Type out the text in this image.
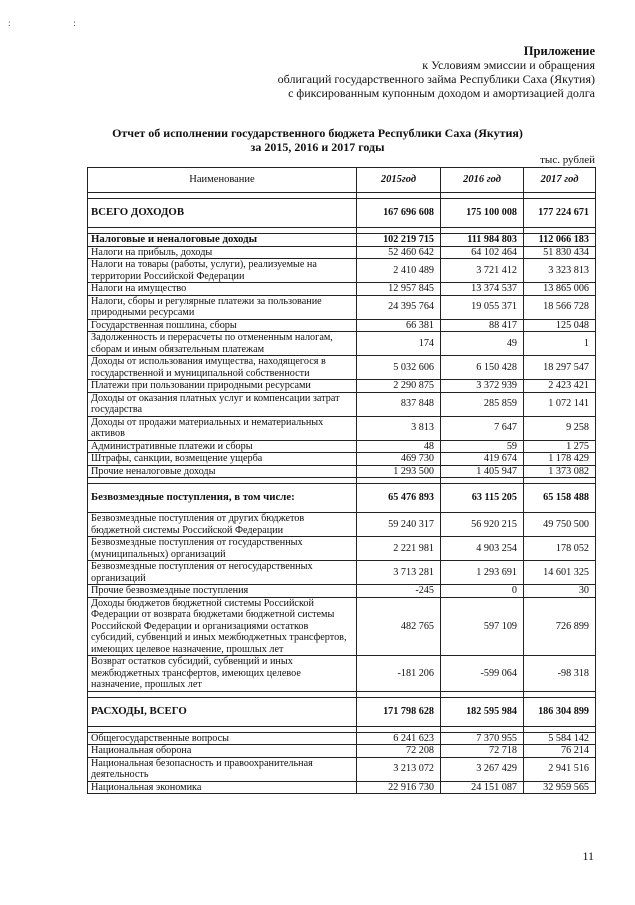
:   :
Приложение
к Условиям эмиссии и обращения
облигаций государственного займа Республики Саха (Якутия)
с фиксированным купонным доходом и амортизацией долга
Отчет об исполнении государственного бюджета Республики Саха (Якутия)
за 2015, 2016 и 2017 годы
тыс. рублей
Наименование	2015год	2016 год	2017 год

ВСЕГО ДОХОДОВ	167 696 608	175 100 008	177 224 671

Налоговые и неналоговые доходы	102 219 715	111 984 803	112 066 183
Налоги на прибыль, доходы	52 460 642	64 102 464	51 830 434
Налоги на товары (работы, услуги), реализуемые на территории Российской Федерации	2 410 489	3 721 412	3 323 813
Налоги на имущество	12 957 845	13 374 537	13 865 006
Налоги, сборы и регулярные платежи за пользование природными ресурсами	24 395 764	19 055 371	18 566 728
Государственная пошлина, сборы	66 381	88 417	125 048
Задолженность и перерасчеты по отмененным налогам, сборам и иным обязательным платежам	174	49	1
Доходы от использования имущества, находящегося в государственной и муниципальной собственности	5 032 606	6 150 428	18 297 547
Платежи при пользовании природными ресурсами	2 290 875	3 372 939	2 423 421
Доходы от оказания платных услуг и компенсации затрат государства	837 848	285 859	1 072 141
Доходы от продажи материальных и нематериальных активов	3 813	7 647	9 258
Административные платежи и сборы	48	59	1 275
Штрафы, санкции, возмещение ущерба	469 730	419 674	1 178 429
Прочие неналоговые доходы	1 293 500	1 405 947	1 373 082

Безвозмездные поступления, в том числе:	65 476 893	63 115 205	65 158 488
Безвозмездные поступления от других бюджетов бюджетной системы Российской Федерации	59 240 317	56 920 215	49 750 500
Безвозмездные поступления от государственных (муниципальных) организаций	2 221 981	4 903 254	178 052
Безвозмездные поступления от негосударственных организаций	3 713 281	1 293 691	14 601 325
Прочие безвозмездные поступления	-245	0	30
Доходы бюджетов бюджетной системы Российской Федерации от возврата бюджетами бюджетной системы Российской Федерации и организациями остатков субсидий, субвенций и иных межбюджетных трансфертов, имеющих целевое назначение, прошлых лет	482 765	597 109	726 899
Возврат остатков субсидий, субвенций и иных межбюджетных трансфертов, имеющих целевое назначение, прошлых лет	-181 206	-599 064	-98 318

РАСХОДЫ, ВСЕГО	171 798 628	182 595 984	186 304 899

Общегосударственные вопросы	6 241 623	7 370 955	5 584 142
Национальная оборона	72 208	72 718	76 214
Национальная безопасность и правоохранительная деятельность	3 213 072	3 267 429	2 941 516
Национальная экономика	22 916 730	24 151 087	32 959 565
11
